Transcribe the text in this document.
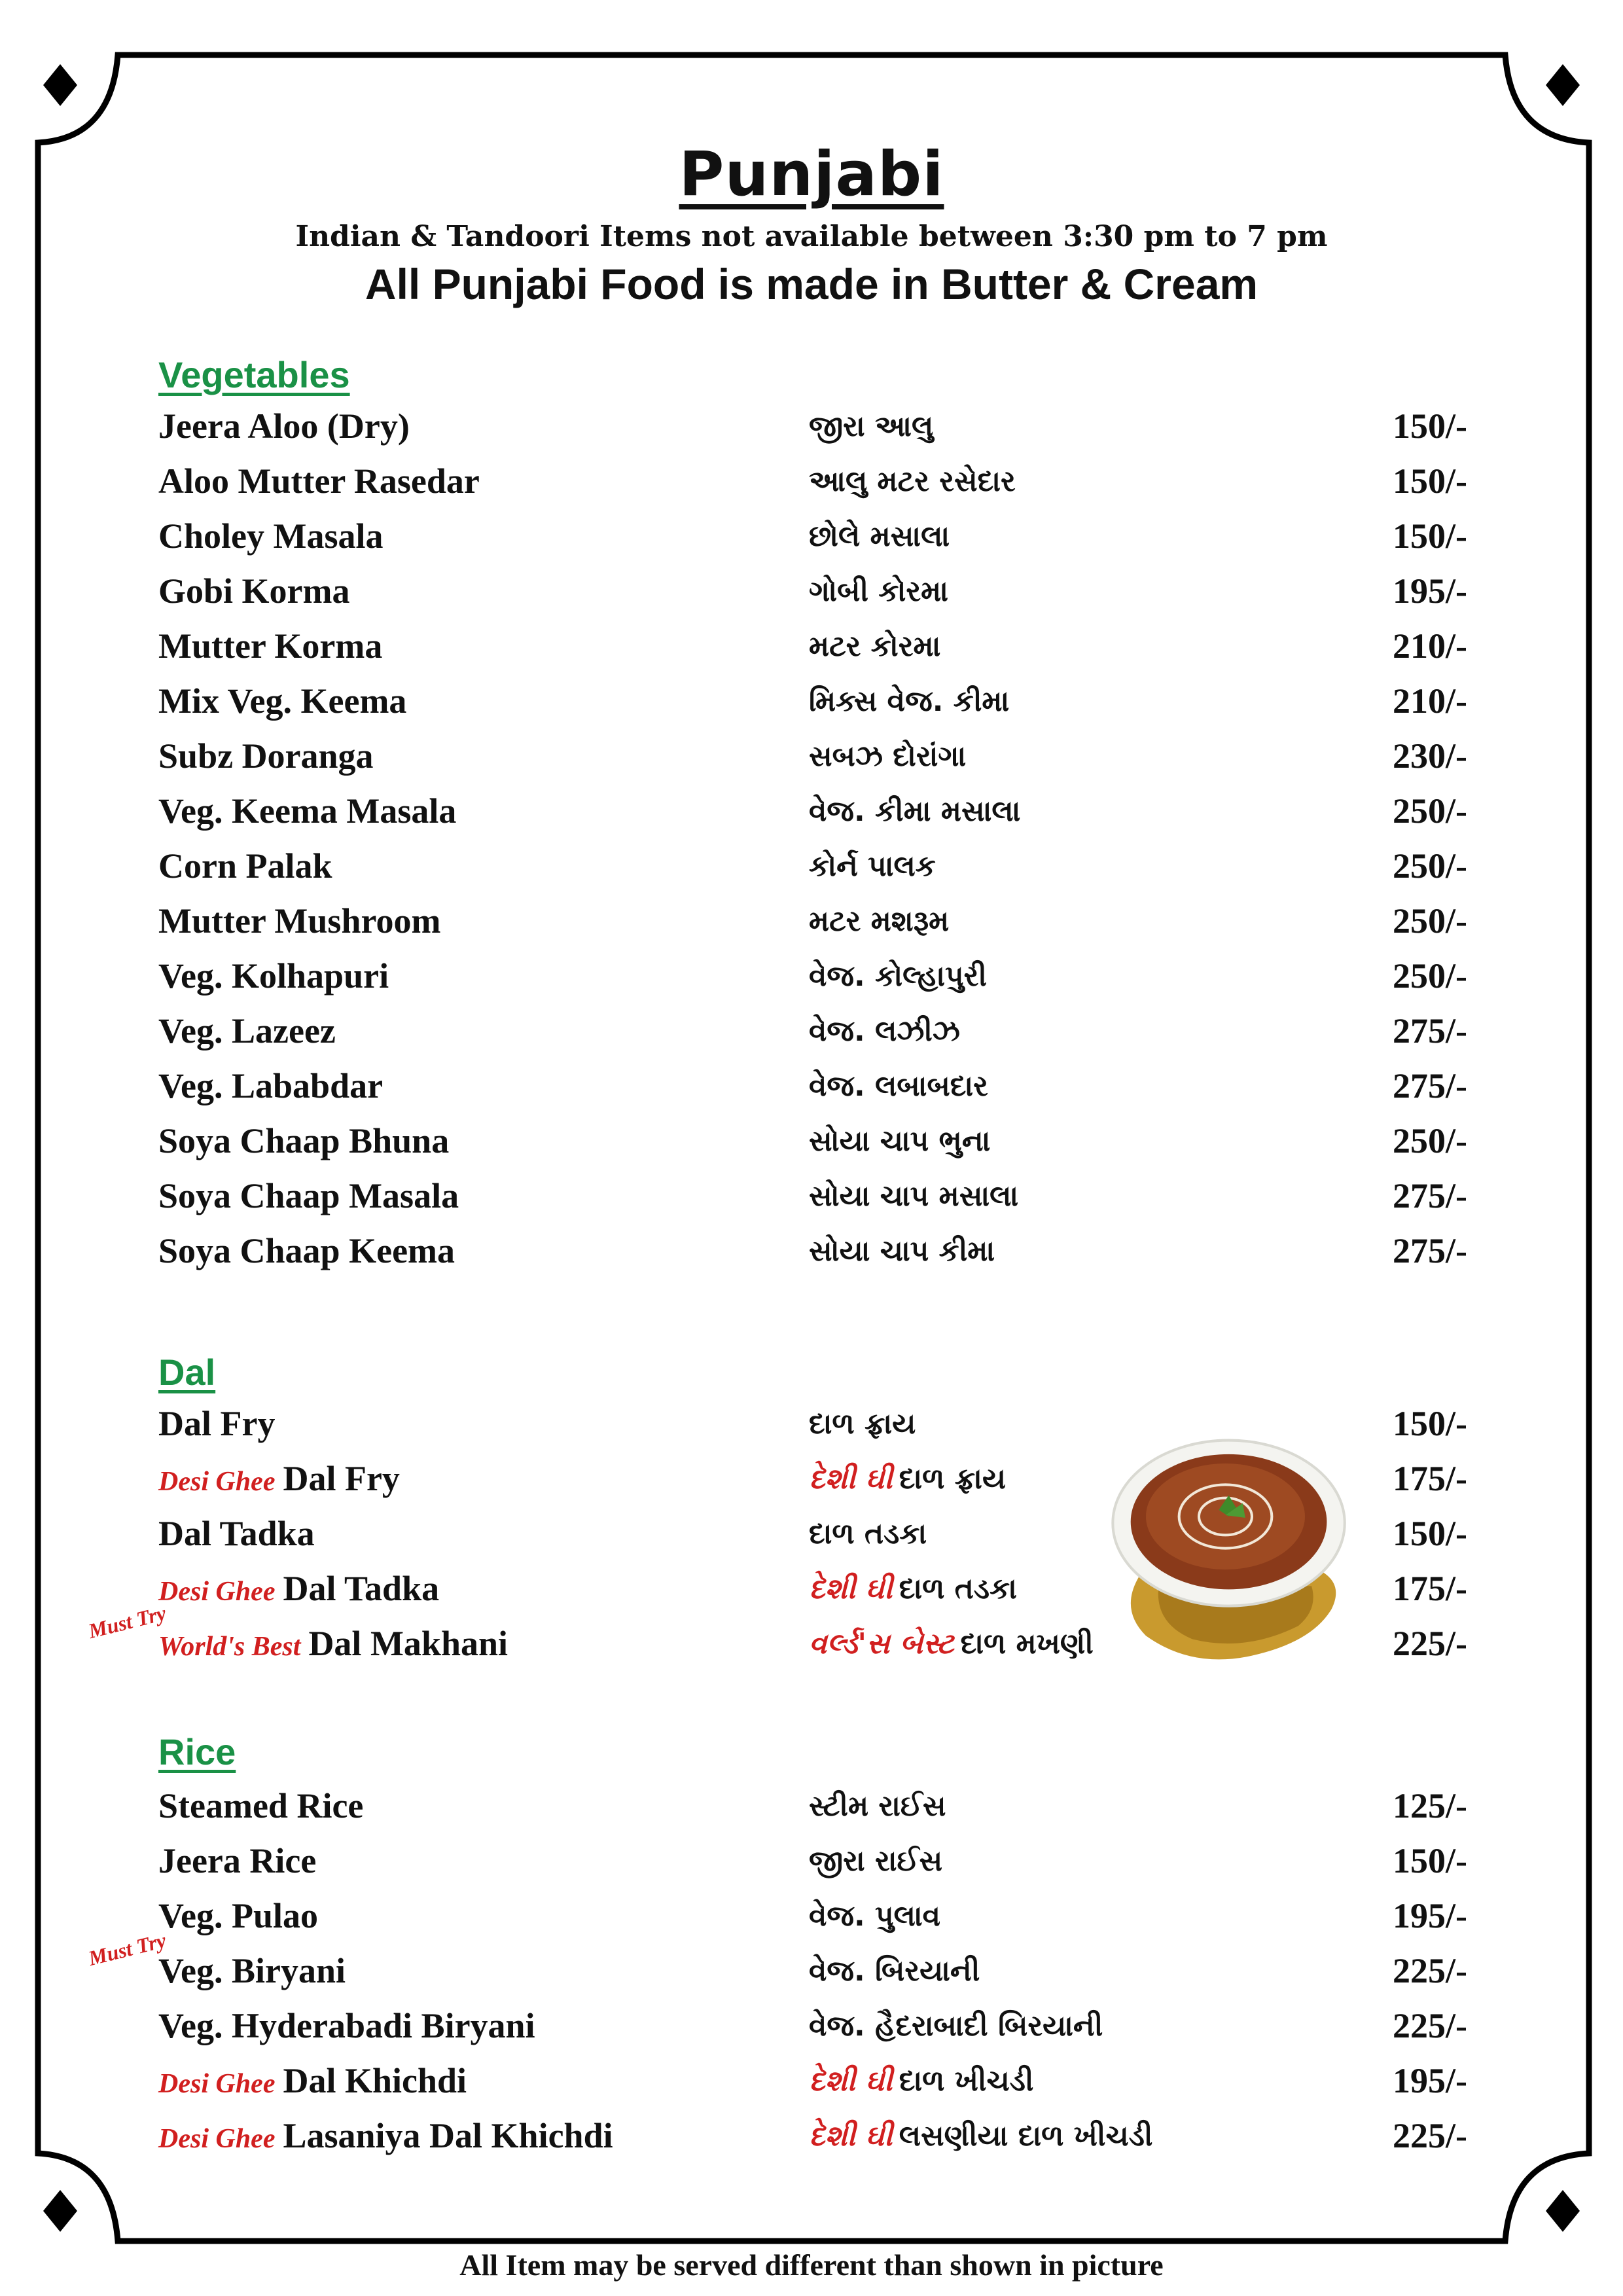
Punjabi
Indian & Tandoori Items not available between 3:30 pm to 7 pm
All Punjabi Food is made in Butter & Cream
Vegetables
Jeera Aloo (Dry)	જીરા આલુ	150/-
Aloo Mutter Rasedar	આલુ મટર રસેદાર	150/-
Choley Masala	છોલે મસાલા	150/-
Gobi Korma	ગોબી કોરમા	195/-
Mutter Korma	મટર કોરમા	210/-
Mix Veg. Keema	મિક્સ વેજ. કીમા	210/-
Subz Doranga	સબઝ દોરાંગા	230/-
Veg. Keema Masala	વેજ. કીમા મસાલા	250/-
Corn Palak	કોર્ન પાલક	250/-
Mutter Mushroom	મટર મશરૂમ	250/-
Veg. Kolhapuri	વેજ. કોલ્હાપુરી	250/-
Veg. Lazeez	વેજ. લઝીઝ	275/-
Veg. Lababdar	વેજ. લબાબદાર	275/-
Soya Chaap Bhuna	સોયા ચાપ ભુના	250/-
Soya Chaap Masala	સોયા ચાપ મસાલા	275/-
Soya Chaap Keema	સોયા ચાપ કીમા	275/-
Dal
Dal Fry	દાળ ફ્રાય	150/-
Desi Ghee Dal Fry	દેશી ઘી દાળ ફ્રાય	175/-
Dal Tadka	દાળ તડકા	150/-
Desi Ghee Dal Tadka	દેશી ઘી દાળ તડકા	175/-
World's Best Dal Makhani	વર્લ્ડ'સ બેસ્ટ દાળ મખણી	225/-
Must Try
Rice
Steamed Rice	સ્ટીમ રાઈસ	125/-
Jeera Rice	જીરા રાઈસ	150/-
Veg. Pulao	વેજ. પુલાવ	195/-
Veg. Biryani	વેજ. બિરયાની	225/-
Must Try
Veg. Hyderabadi Biryani	વેજ. હૈદરાબાદી બિરયાની	225/-
Desi Ghee Dal Khichdi	દેશી ઘી દાળ ખીચડી	195/-
Desi Ghee Lasaniya Dal Khichdi	દેશી ઘી લસણીયા દાળ ખીચડી	225/-
All Item may be served different than shown in picture
